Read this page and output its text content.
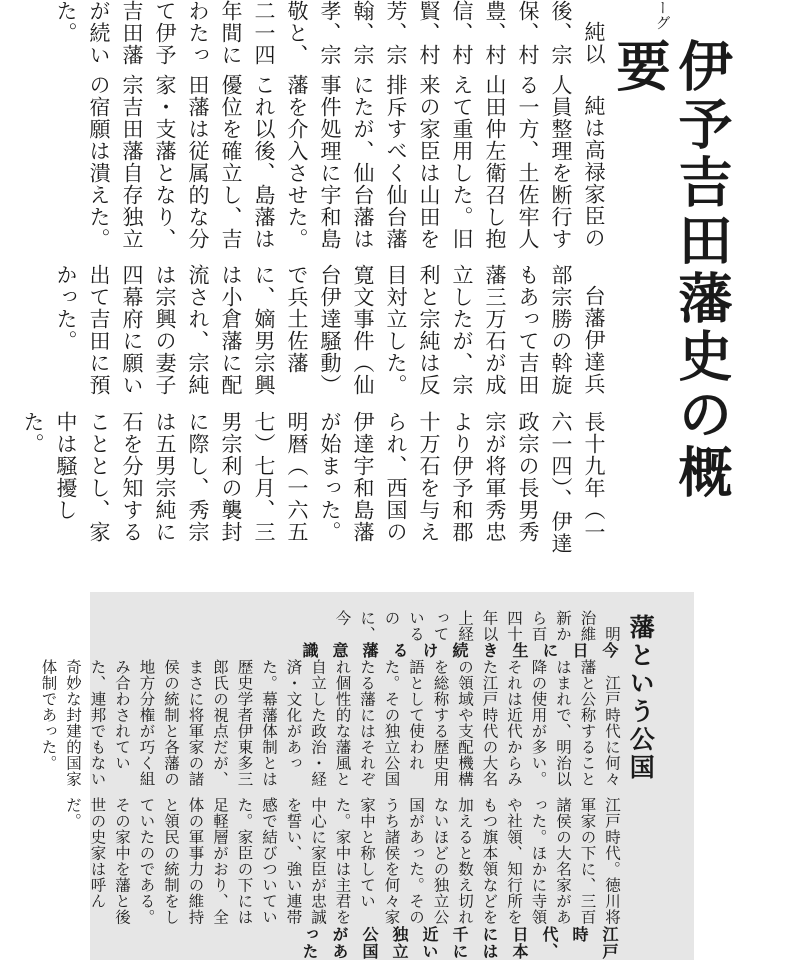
長十九年（一六一四）、伊達政宗の長男秀宗が将軍秀忠より伊予和郡十万石を与えられ、西国の伊達宇和島藩が始まった。明暦（一六五七）七月、三男宗利の襲封に際し、秀宗は五男宗純に石を分知することとし、家中は騒擾した。

台藩伊達兵部宗勝の斡旋もあって吉田藩三万石が成立したが、宗利と宗純は反目対立した。寛文事件（仙台伊達騒動）で兵土佐藩に、嫡男宗興は小倉藩に配流され、宗純は宗興の妻子四幕府に願い出て吉田に預かった。

純は高禄家臣の人員整理を断行する一方、土佐牢人山田仲左衛召し抱えて重用した。旧来の家臣は山田を排斥すべく仙台藩にたが、仙台藩は事件処理に宇和島藩を介入させた。これ以後、島藩は優位を確立し、吉田藩は従属的な分家・支藩となり、宗吉田藩自存独立の宿願は潰えた。

純以後、宗保、村豊、村信、村賢、村芳、宗翰、宗孝、宗敬と、二一四年間にわたって伊予吉田藩が続いた。	ーグ
伊予吉田藩史の概要
藩という公国
江戸時代、日本には千に近い独立公国があった

江戸時代。徳川将軍家の下に、三百諸侯の大名家があった。ほかに寺領や社領、知行所をもつ旗本領などを加えると数え切れないほどの独立公国があった。そのうち諸侯を何々家家中と称していた。家中は主君を中心に家臣が忠誠を誓い、強い連帯感で結びついていた。家臣の下には足軽層がおり、全体の軍事力の維持と領民の統制をしていたのである。その家中を藩と後世の史家は呼んだ。

江戸時代に何々藩と公称することはまれで、明治以降の使用が多い。それは近代からみた江戸時代の大名の領域や支配機構を総称する歴史用語として使われた。その独立公国たる藩にはそれぞれ個性的な藩風と自立した政治・経済・文化があった。幕藩体制とは歴史学者伊東多三郎氏の視点だが、まさに将軍家の諸侯の統制と各藩の地方分権が巧く組み合わされていた、連邦でもない奇妙な封建的国家体制であった。

今日に生き続ける藩意識

明治維新から百四十年以上経っているのに、今
